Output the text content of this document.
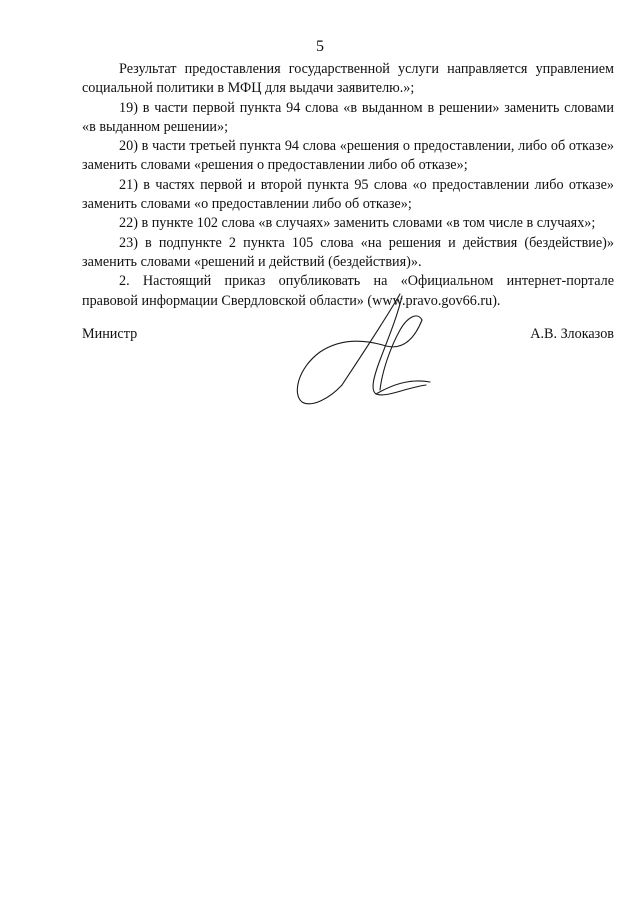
5

Результат предоставления государственной услуги направляется управлением социальной политики в МФЦ для выдачи заявителю.»;

19) в части первой пункта 94 слова «в выданном в решении» заменить словами «в выданном решении»;

20) в части третьей пункта 94 слова «решения о предоставлении, либо об отказе» заменить словами «решения о предоставлении либо об отказе»;

21) в частях первой и второй пункта 95 слова «о предоставлении либо отказе» заменить словами «о предоставлении либо об отказе»;

22) в пункте 102 слова «в случаях» заменить словами «в том числе в случаях»;

23) в подпункте 2 пункта 105 слова «на решения и действия (бездействие)» заменить словами «решений и действий (бездействия)».

2. Настоящий приказ опубликовать на «Официальном интернет-портале правовой информации Свердловской области» (www.pravo.gov66.ru).

Министр	А.В. Злоказов
